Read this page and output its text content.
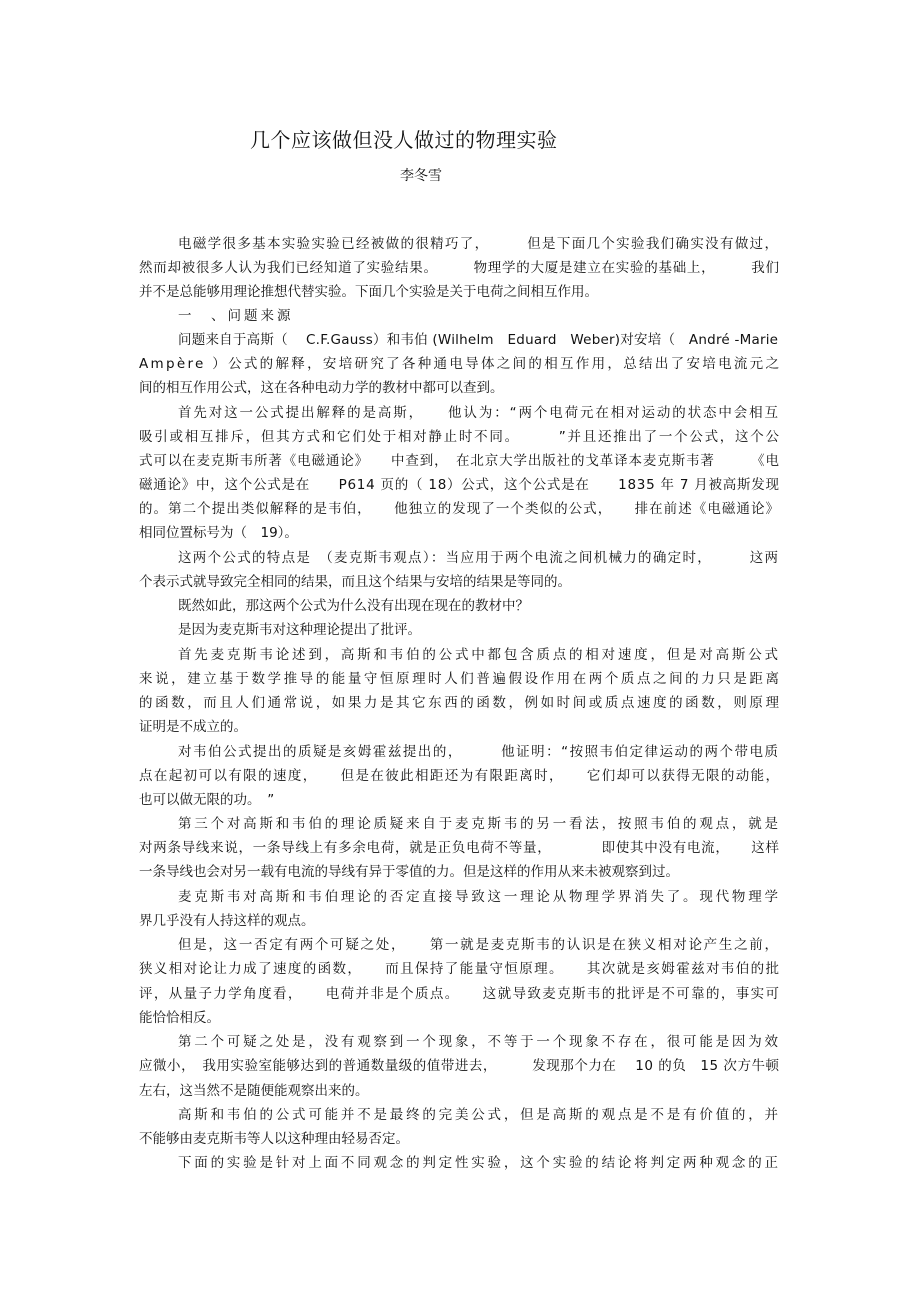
几个应该做但没人做过的物理实验
李冬雪
电磁学很多基本实验实验已经被做的很精巧了，　　　但是下面几个实验我们确实没有做过，
然而却被很多人认为我们已经知道了实验结果。　　　物理学的大厦是建立在实验的基础上，　　　我们
并不是总能够用理论推想代替实验。下面几个实验是关于电荷之间相互作用。
一　、问题来源
问题来自于高斯（　 C.F.Gauss）和韦伯 (Wilhelm　Eduard　Weber)对安培（　André -Marie
Ampère ）公式的解释，安培研究了各种通电导体之间的相互作用，总结出了安培电流元之
间的相互作用公式，这在各种电动力学的教材中都可以查到。
首先对这一公式提出解释的是高斯，　　他认为：“两个电荷元在相对运动的状态中会相互
吸引或相互排斥，但其方式和它们处于相对静止时不同。　　　”并且还推出了一个公式，这个公
式可以在麦克斯韦所著《电磁通论》　　中查到，　在北京大学出版社的戈革译本麦克斯韦著　　　《电
磁通论》中，这个公式是在　　P614 页的（ 18）公式，这个公式是在　　1835 年 7 月被高斯发现
的。第二个提出类似解释的是韦伯，　　他独立的发现了一个类似的公式，　　排在前述《电磁通论》
相同位置标号为（　19）。
这两个公式的特点是　（麦克斯韦观点）：当应用于两个电流之间机械力的确定时，　　　这两
个表示式就导致完全相同的结果，而且这个结果与安培的结果是等同的。
既然如此，那这两个公式为什么没有出现在现在的教材中？
是因为麦克斯韦对这种理论提出了批评。
首先麦克斯韦论述到，高斯和韦伯的公式中都包含质点的相对速度，但是对高斯公式
来说，建立基于数学推导的能量守恒原理时人们普遍假设作用在两个质点之间的力只是距离
的函数，而且人们通常说，如果力是其它东西的函数，例如时间或质点速度的函数，则原理
证明是不成立的。
对韦伯公式提出的质疑是亥姆霍兹提出的，　　　他证明：“按照韦伯定律运动的两个带电质
点在起初可以有限的速度，　　但是在彼此相距还为有限距离时，　　它们却可以获得无限的动能，
也可以做无限的功。　”
第三个对高斯和韦伯的理论质疑来自于麦克斯韦的另一看法，按照韦伯的观点，就是
对两条导线来说，一条导线上有多余电荷，就是正负电荷不等量，　　　　即使其中没有电流，　　这样
一条导线也会对另一载有电流的导线有异于零值的力。但是这样的作用从来未被观察到过。
麦克斯韦对高斯和韦伯理论的否定直接导致这一理论从物理学界消失了。现代物理学
界几乎没有人持这样的观点。
但是，这一否定有两个可疑之处，　　第一就是麦克斯韦的认识是在狭义相对论产生之前，
狭义相对论让力成了速度的函数，　　而且保持了能量守恒原理。　　其次就是亥姆霍兹对韦伯的批
评，从量子力学角度看，　　电荷并非是个质点。　　这就导致麦克斯韦的批评是不可靠的，事实可
能恰恰相反。
第二个可疑之处是，没有观察到一个现象，不等于一个现象不存在，很可能是因为效
应微小，　我用实验室能够达到的普通数量级的值带进去，　　　发现那个力在　 10 的负　15 次方牛顿
左右，这当然不是随便能观察出来的。
高斯和韦伯的公式可能并不是最终的完美公式，但是高斯的观点是不是有价值的，并
不能够由麦克斯韦等人以这种理由轻易否定。
下面的实验是针对上面不同观念的判定性实验，这个实验的结论将判定两种观念的正
